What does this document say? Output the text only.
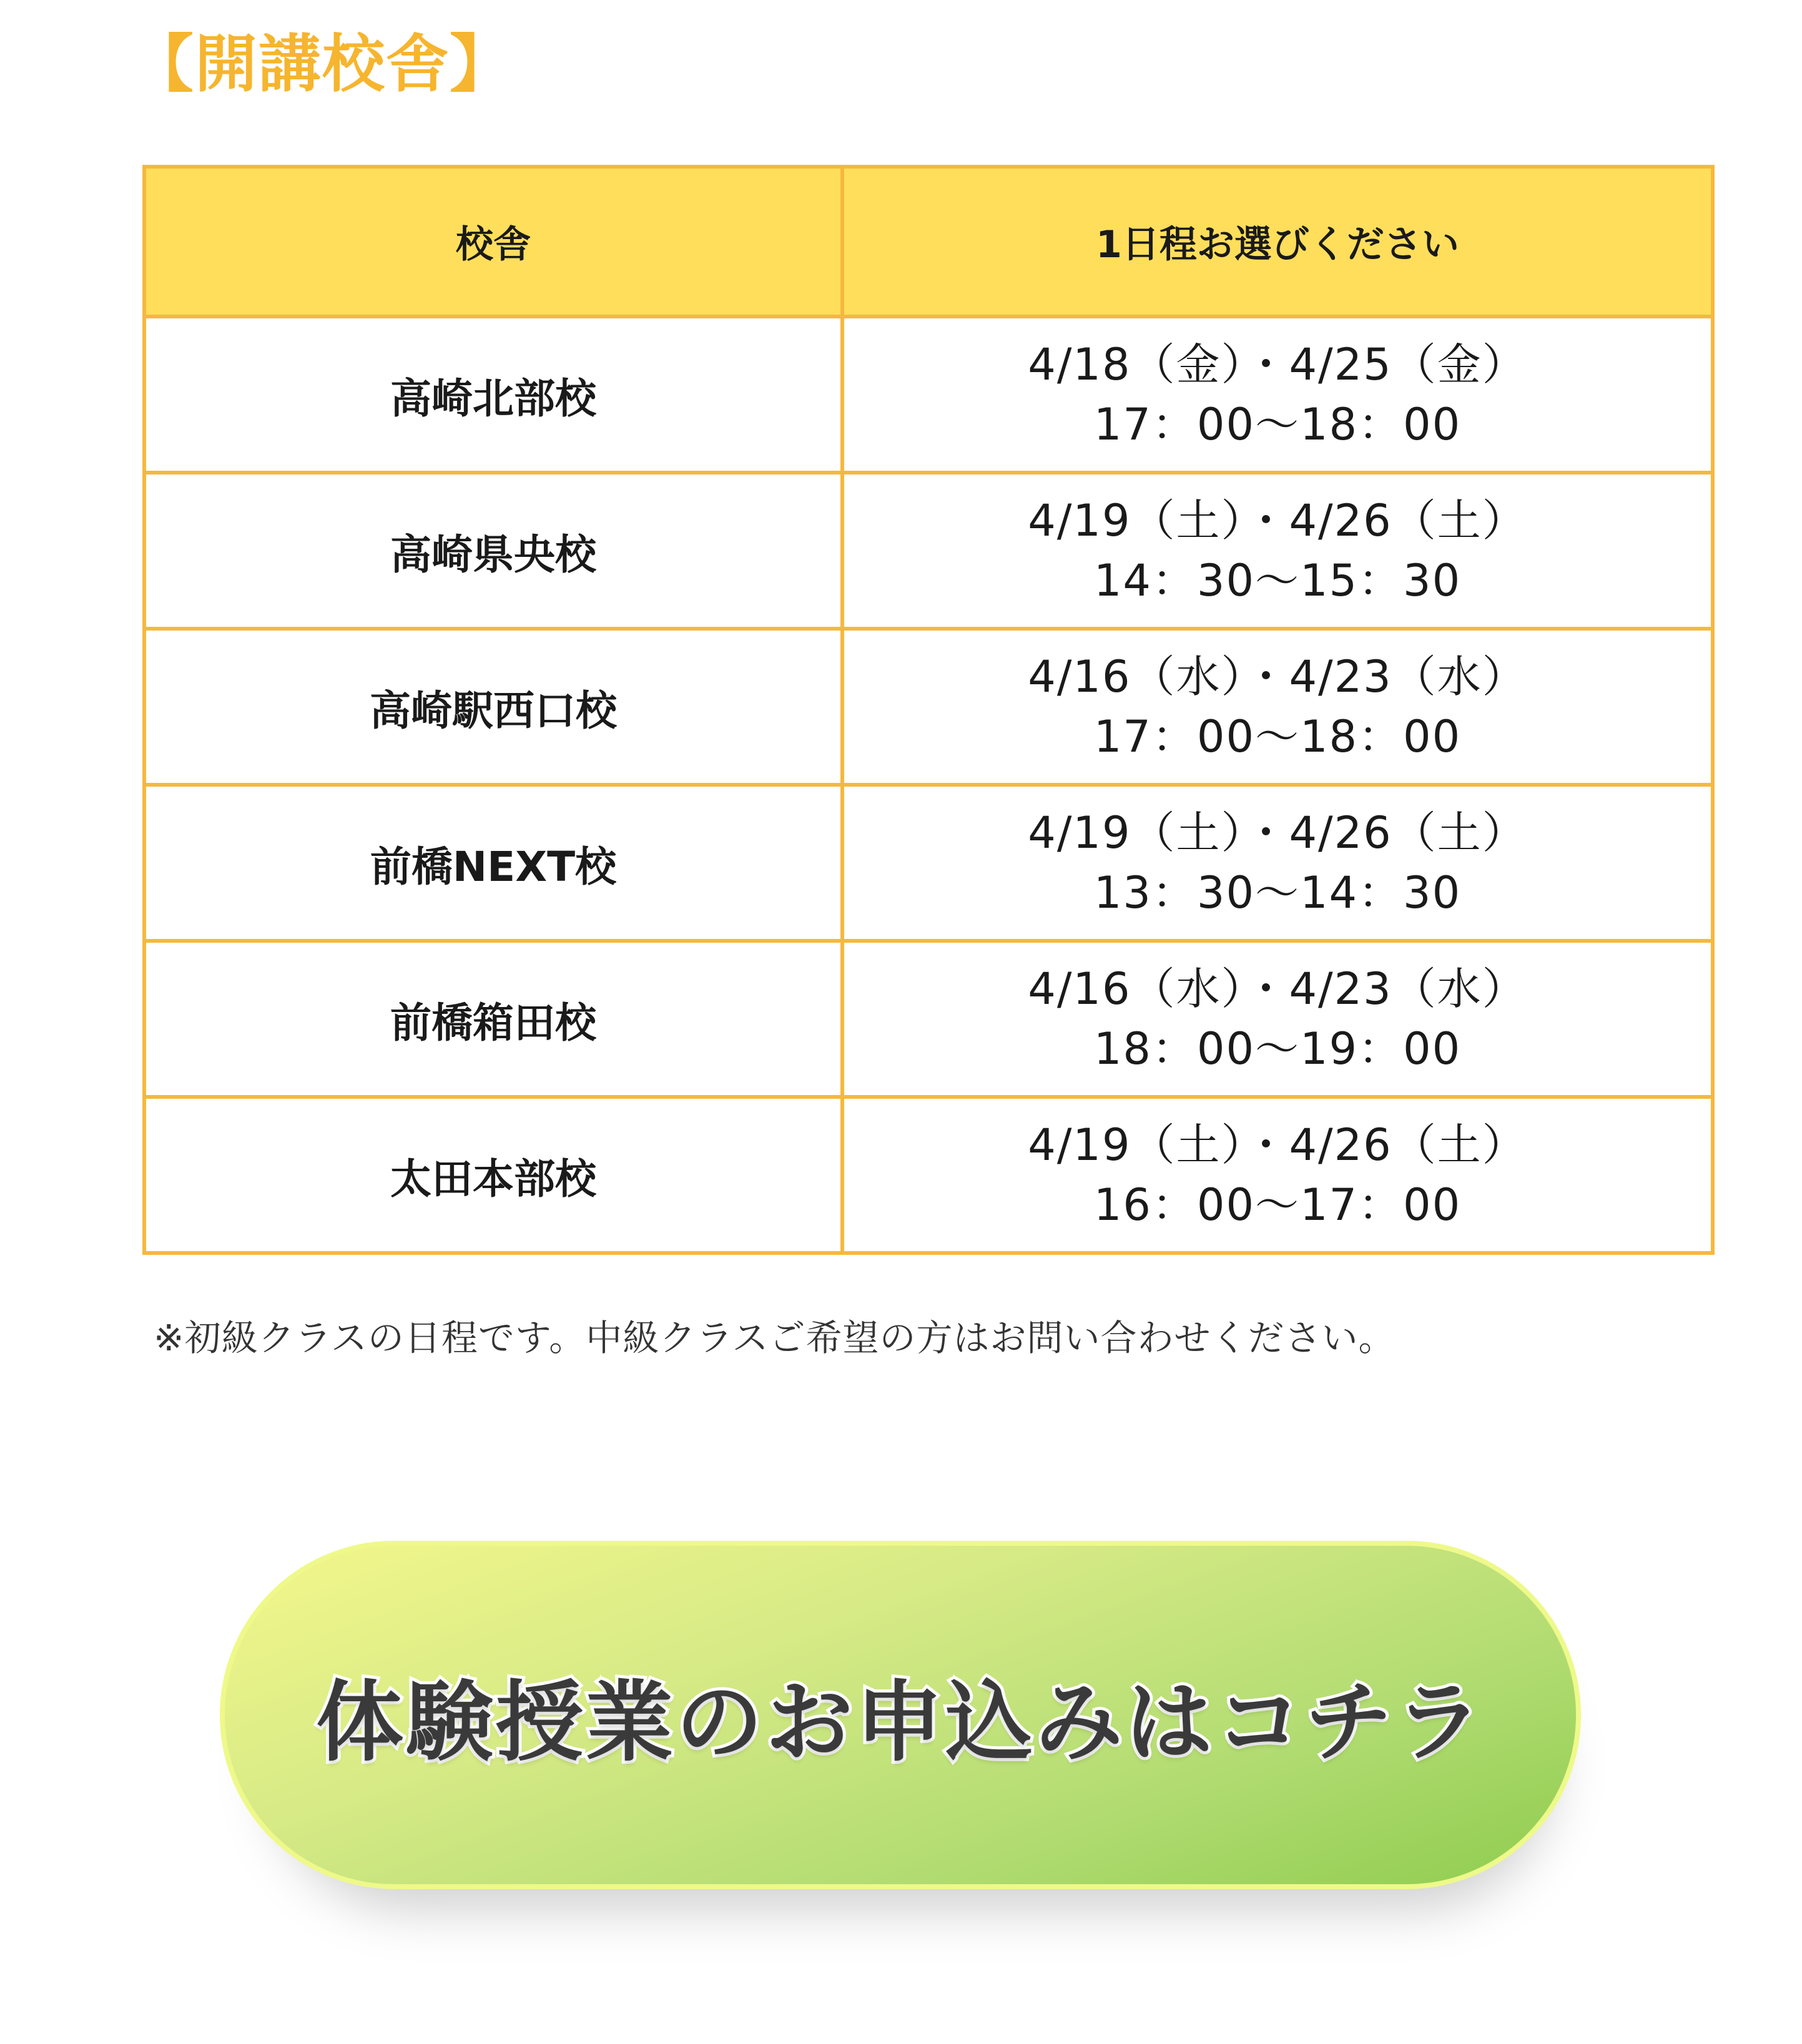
【開講校舎】
校舎	1日程お選びください
高崎北部校	4/18（金）・4/25（金）
17：00〜18：00

高崎県央校	4/19（土）・4/26（土）
14：30〜15：30

高崎駅西口校	4/16（水）・4/23（水）
17：00〜18：00

前橋NEXT校	4/19（土）・4/26（土）
13：30〜14：30

前橋箱田校	4/16（水）・4/23（水）
18：00〜19：00

太田本部校	4/19（土）・4/26（土）
16：00〜17：00

※初級クラスの日程です。中級クラスご希望の方はお問い合わせください。

体験授業のお申込みはコチラ
